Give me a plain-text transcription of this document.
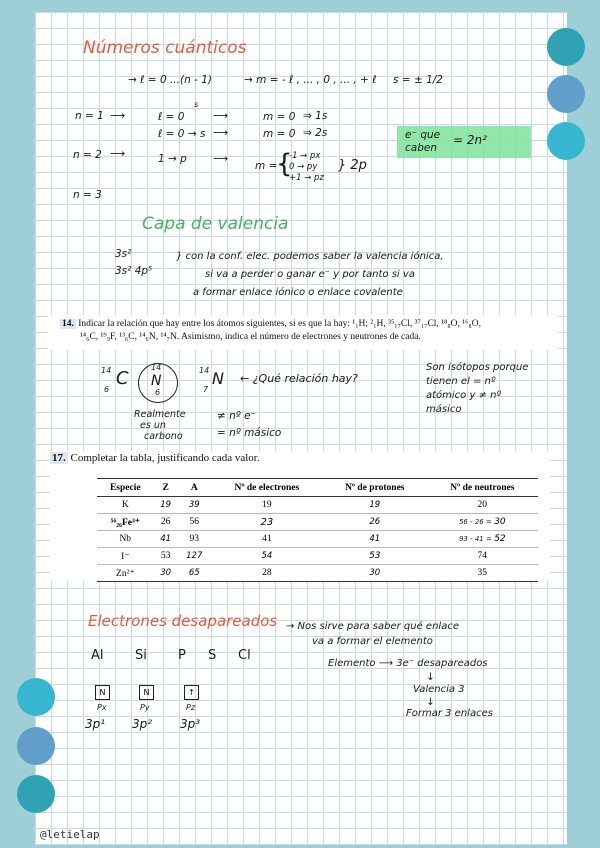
Números cuánticos
→ ℓ = 0 ...(n - 1)	→ m = - ℓ , ... , 0 , ... , + ℓ s = ± 1/2
n = 1 ⟶	ℓ = 0
s
⟶	m = 0 ⇒ 1s
ℓ = 0 → s ⟶	m = 0 ⇒ 2s	e⁻ que
caben
= 2n²
n = 2 ⟶	1 → p ⟶
m =
{
-1 → px
0 → py
+1 → pz
} 2p
n = 3
Capa de valencia
3s²
3s² 4p⁵
} con la conf. elec. podemos saber la valencia iónica,
si va a perder o ganar e⁻ y por tanto si va
a formar enlace iónico o enlace covalente
14. Indicar la relación que hay entre los átomos siguientes, si es que la hay: ¹₁H; ²₁H, ³⁵₁₇Cl, ³⁷₁₇Cl, ¹⁸₈O, ¹⁶₈O,
¹⁴₆C, ¹⁹₉F, ¹³₆C, ¹⁴₆N, ¹⁴₇N. Asimismo, indica el número de electrones y neutrones de cada.
14
6
C
14
N
6
14
7
N ← ¿Qué relación hay?
Realmente
es un
carbono
≠ nº e⁻
= nº másico
Son isótopos porque
tienen el = nº
atómico y ≠ nº
másico
17. Completar la tabla, justificando cada valor.
Especie	Z	A	Nº de electrones	Nº de protones	Nº de neutrones
K	19	39	19	19	20
⁵⁶₂₆Fe³⁺	26	56	23	26	56 - 26 = 30
Nb	41	93	41	41	93 - 41 = 52
I⁻	53	127	54	53	74
Zn²⁺	30	65	28	30	35
Electrones desapareados → Nos sirve para saber qué enlace
va a formar el elemento
Al Si P S Cl
Elemento ⟶ 3e⁻ desapareados
↓
Valencia 3
↓
Formar 3 enlaces
N	N	↑
Px	Py	Pz
3p¹ 3p² 3p³
@letielap
